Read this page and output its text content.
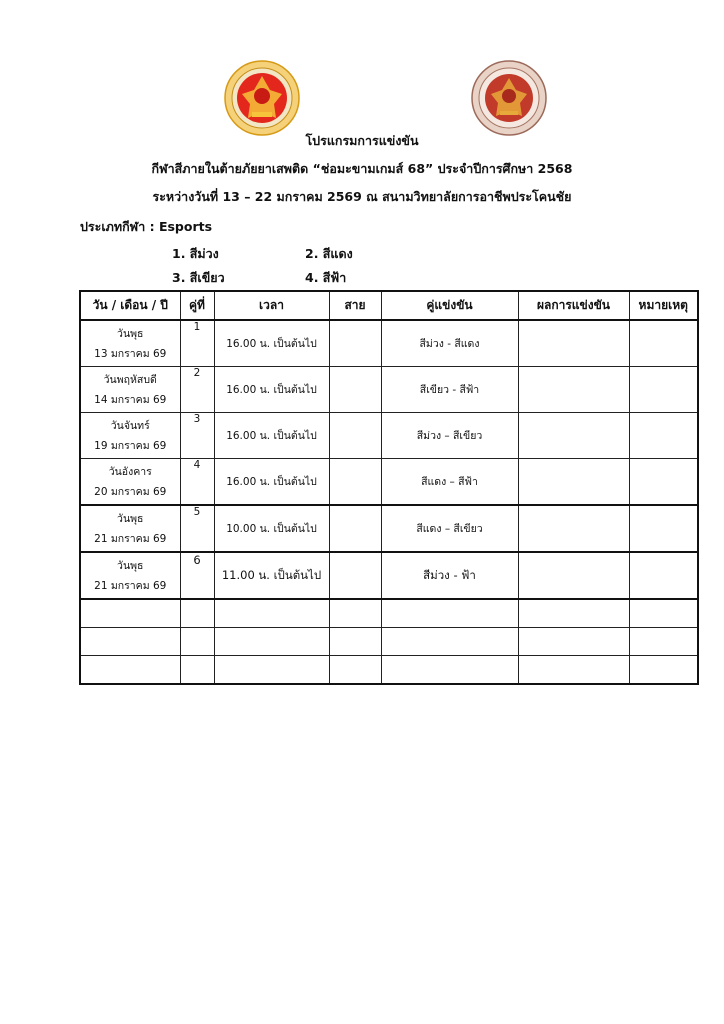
โปรแกรมการแข่งขัน
กีฬาสีภายในต้ายภัยยาเสพติด “ช่อมะขามเกมส์ 68” ประจำปีการศึกษา 2568
ระหว่างวันที่ 13 – 22 มกราคม 2569 ณ สนามวิทยาลัยการอาชีพประโคนชัย
ประเภทกีฬา : Esports
1. สีม่วง	2. สีแดง
3. สีเขียว	4. สีฟ้า
วัน / เดือน / ปี	คู่ที่	เวลา	สาย	คู่แข่งขัน	ผลการแข่งขัน	หมายเหตุ
วันพุธ
13 มกราคม 69	1	16.00 น. เป็นต้นไป		สีม่วง - สีแดง		
วันพฤหัสบดี
14 มกราคม 69	2	16.00 น. เป็นต้นไป		สีเขียว - สีฟ้า		
วันจันทร์
19 มกราคม 69	3	16.00 น. เป็นต้นไป		สีม่วง – สีเขียว		
วันอังคาร
20 มกราคม 69	4	16.00 น. เป็นต้นไป		สีแดง – สีฟ้า		
วันพุธ
21 มกราคม 69	5	10.00 น. เป็นต้นไป		สีแดง – สีเขียว		
วันพุธ
21 มกราคม 69	6	11.00 น. เป็นต้นไป		สีม่วง - ฟ้า		
